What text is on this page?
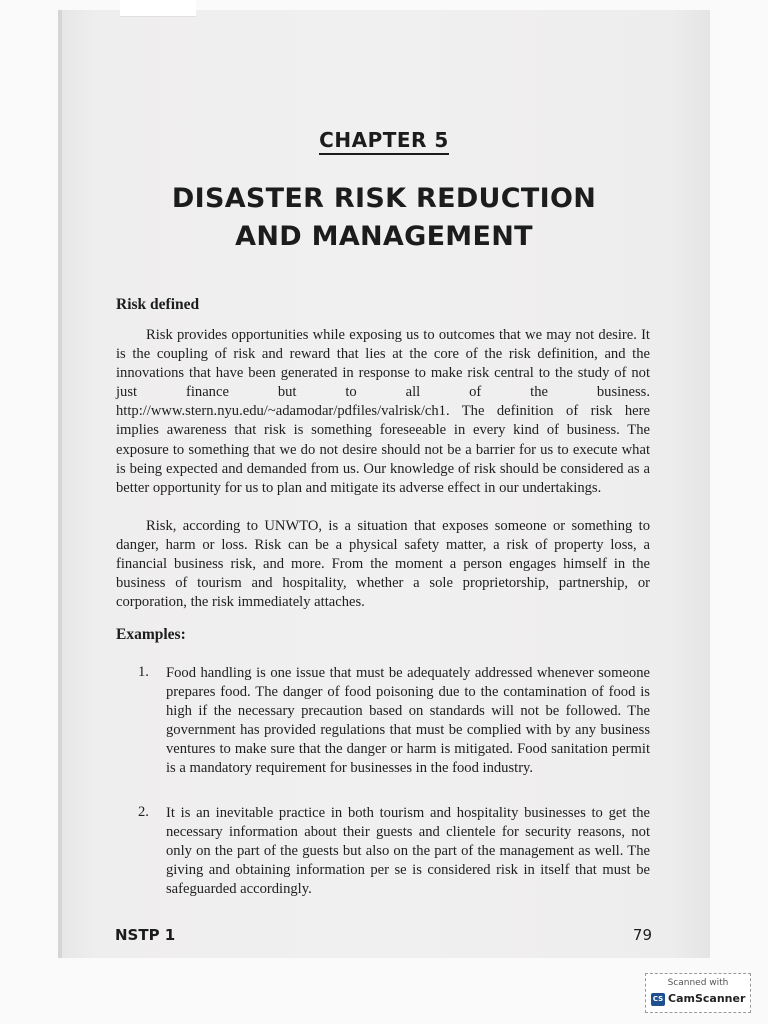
CHAPTER 5
DISASTER RISK REDUCTION
AND MANAGEMENT
Risk defined

Risk provides opportunities while exposing us to outcomes that we may not desire. It is the coupling of risk and reward that lies at the core of the risk definition, and the innovations that have been generated in response to make risk central to the study of not just finance but to all of the business. http://www.stern.nyu.edu/~adamodar/pdfiles/valrisk/ch1. The definition of risk here implies awareness that risk is something foreseeable in every kind of business. The exposure to something that we do not desire should not be a barrier for us to execute what is being expected and demanded from us. Our knowledge of risk should be considered as a better opportunity for us to plan and mitigate its adverse effect in our undertakings.

Risk, according to UNWTO, is a situation that exposes someone or something to danger, harm or loss. Risk can be a physical safety matter, a risk of property loss, a financial business risk, and more. From the moment a person engages himself in the business of tourism and hospitality, whether a sole proprietorship, partnership, or corporation, the risk immediately attaches.

Examples:
1. Food handling is one issue that must be adequately addressed whenever someone prepares food. The danger of food poisoning due to the contamination of food is high if the necessary precaution based on standards will not be followed. The government has provided regulations that must be complied with by any business ventures to make sure that the danger or harm is mitigated. Food sanitation permit is a mandatory requirement for businesses in the food industry.

2. It is an inevitable practice in both tourism and hospitality businesses to get the necessary information about their guests and clientele for security reasons, not only on the part of the guests but also on the part of the management as well. The giving and obtaining information per se is considered risk in itself that must be safeguarded accordingly.

NSTP 1	79
Scanned with
CS CamScanner
